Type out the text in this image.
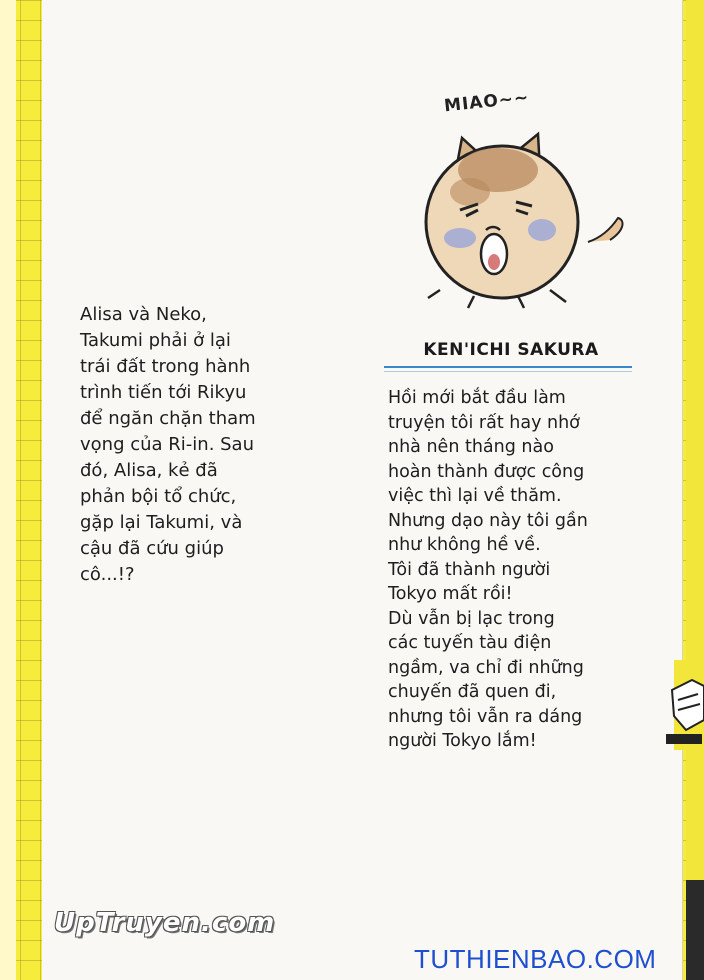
Alisa và Neko,
Takumi phải ở lại
trái đất trong hành
trình tiến tới Rikyu
để ngăn chặn tham
vọng của Ri-in. Sau
đó, Alisa, kẻ đã
phản bội tổ chức,
gặp lại Takumi, và
cậu đã cứu giúp
cô...!?
MIAO~~
KEN'ICHI SAKURA
Hồi mới bắt đầu làm
truyện tôi rất hay nhớ
nhà nên tháng nào
hoàn thành được công
việc thì lại về thăm.
Nhưng dạo này tôi gần
như không hề về.
Tôi đã thành người
Tokyo mất rồi!
Dù vẫn bị lạc trong
các tuyến tàu điện
ngầm, va chỉ đi những
chuyến đã quen đi,
nhưng tôi vẫn ra dáng
người Tokyo lắm!
UpTruyen.com
TUTHIENBAO.COM
